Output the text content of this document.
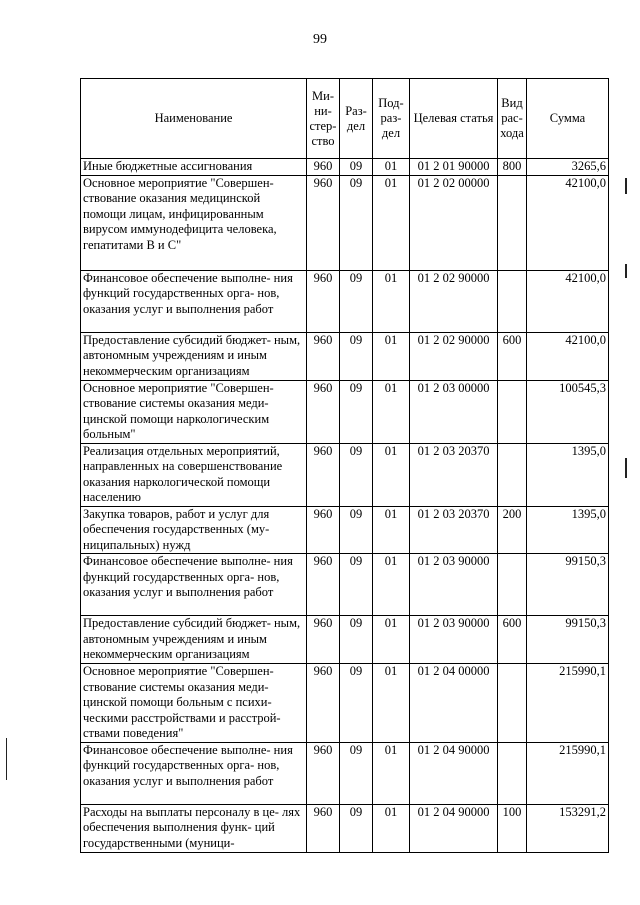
99
Наименование	Ми- ни- стер- ство	Раз- дел	Под- раз- дел	Целевая статья	Вид рас- хода	Сумма
Иные бюджетные ассигнования	960	09	01	01 2 01 90000	800	3265,6
Основное мероприятие "Совершен- ствование оказания медицинской помощи лицам, инфицированным вирусом иммунодефицита человека, гепатитами В и С"	960	09	01	01 2 02 00000		42100,0
Финансовое обеспечение выполне- ния функций государственных орга- нов, оказания услуг и выполнения работ	960	09	01	01 2 02 90000		42100,0
Предоставление субсидий бюджет- ным, автономным учреждениям и иным некоммерческим организациям	960	09	01	01 2 02 90000	600	42100,0
Основное мероприятие "Совершен- ствование системы оказания меди- цинской помощи наркологическим больным"	960	09	01	01 2 03 00000		100545,3
Реализация отдельных мероприятий, направленных на совершенствование оказания наркологической помощи населению	960	09	01	01 2 03 20370		1395,0
Закупка товаров, работ и услуг для обеспечения государственных (му- ниципальных) нужд	960	09	01	01 2 03 20370	200	1395,0
Финансовое обеспечение выполне- ния функций государственных орга- нов, оказания услуг и выполнения работ	960	09	01	01 2 03 90000		99150,3
Предоставление субсидий бюджет- ным, автономным учреждениям и иным некоммерческим организациям	960	09	01	01 2 03 90000	600	99150,3
Основное мероприятие "Совершен- ствование системы оказания меди- цинской помощи больным с психи- ческими расстройствами и расстрой- ствами поведения"	960	09	01	01 2 04 00000		215990,1
Финансовое обеспечение выполне- ния функций государственных орга- нов, оказания услуг и выполнения работ	960	09	01	01 2 04 90000		215990,1
Расходы на выплаты персоналу в це- лях обеспечения выполнения функ- ций государственными (муници-	960	09	01	01 2 04 90000	100	153291,2
